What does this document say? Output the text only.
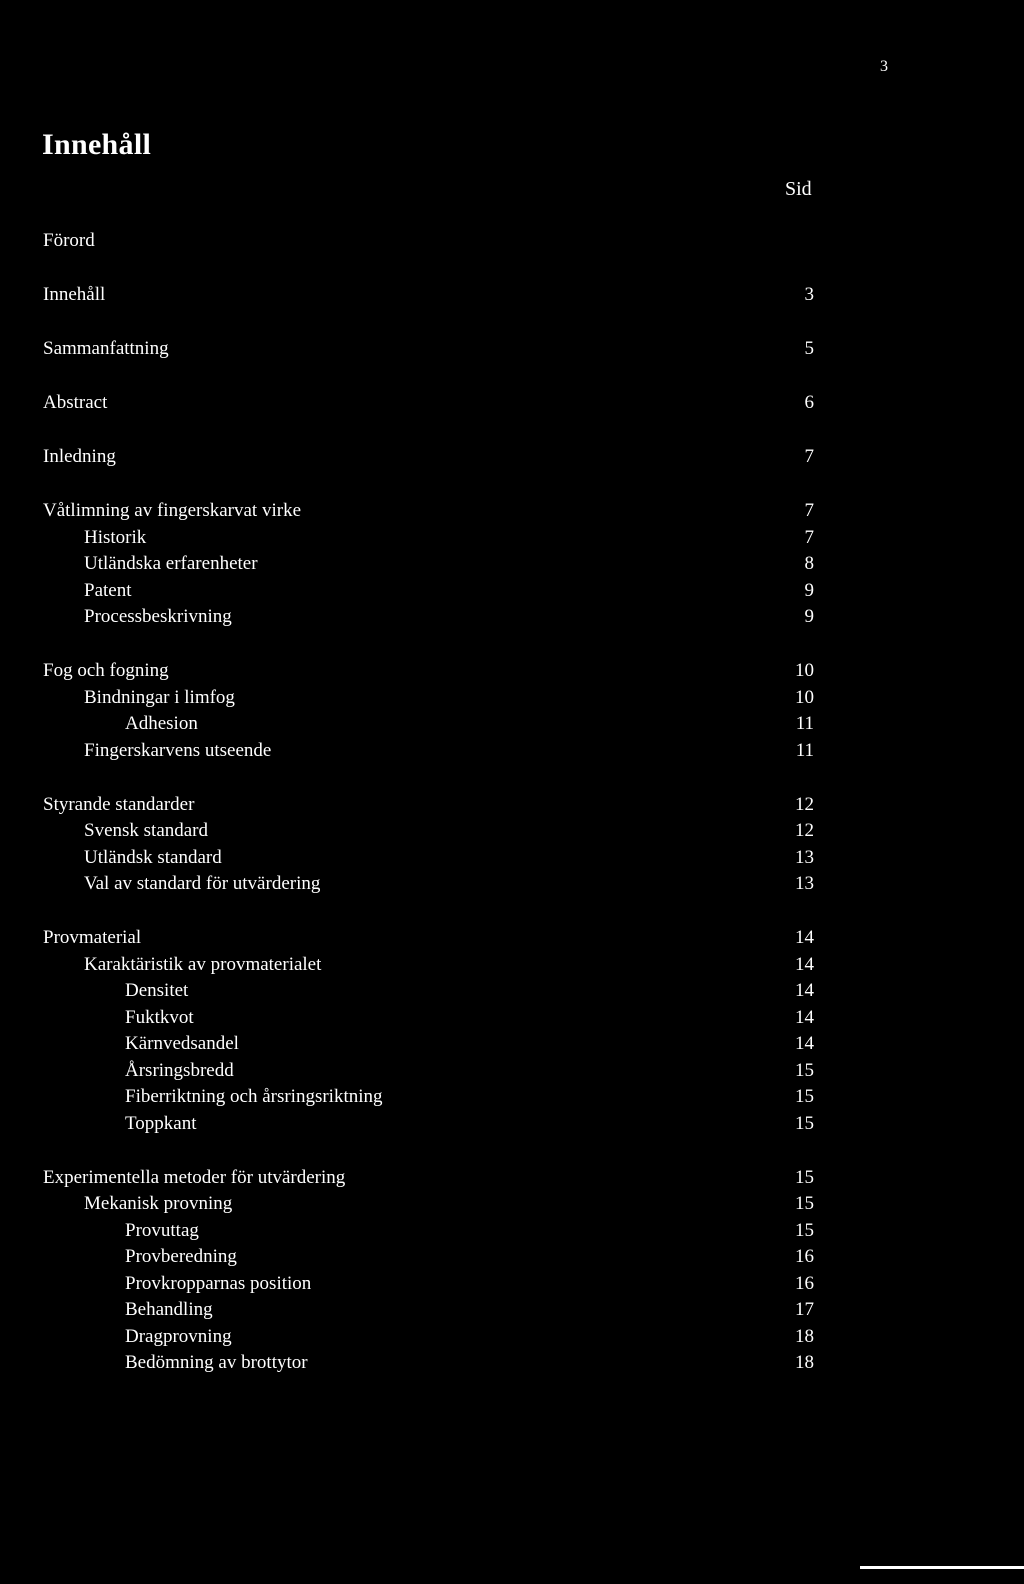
3
Innehåll
Sid
Förord
Innehåll	3
Sammanfattning	5
Abstract	6
Inledning	7
Våtlimning av fingerskarvat virke	7
Historik	7
Utländska erfarenheter	8
Patent	9
Processbeskrivning	9
Fog och fogning	10
Bindningar i limfog	10
Adhesion	11
Fingerskarvens utseende	11
Styrande standarder	12
Svensk standard	12
Utländsk standard	13
Val av standard för utvärdering	13
Provmaterial	14
Karaktäristik av provmaterialet	14
Densitet	14
Fuktkvot	14
Kärnvedsandel	14
Årsringsbredd	15
Fiberriktning och årsringsriktning	15
Toppkant	15
Experimentella metoder för utvärdering	15
Mekanisk provning	15
Provuttag	15
Provberedning	16
Provkropparnas position	16
Behandling	17
Dragprovning	18
Bedömning av brottytor	18
